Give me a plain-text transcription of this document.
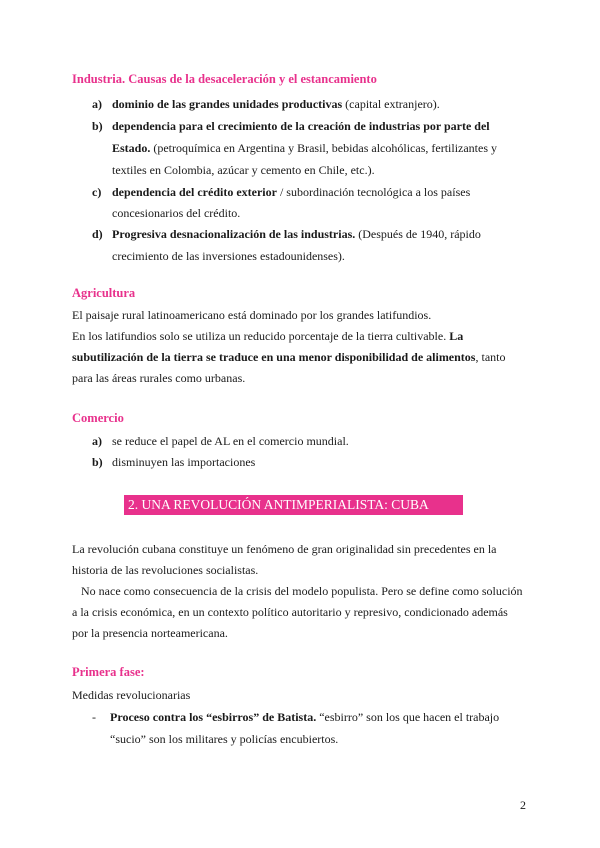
Industria. Causas de la desaceleración y el estancamiento
a) dominio de las grandes unidades productivas (capital extranjero).
b) dependencia para el crecimiento de la creación de industrias por parte del
Estado. (petroquímica en Argentina y Brasil, bebidas alcohólicas, fertilizantes y
textiles en Colombia, azúcar y cemento en Chile, etc.).
c) dependencia del crédito exterior / subordinación tecnológica a los países
concesionarios del crédito.
d) Progresiva desnacionalización de las industrias. (Después de 1940, rápido
crecimiento de las inversiones estadounidenses).
Agricultura
El paisaje rural latinoamericano está dominado por los grandes latifundios.
En los latifundios solo se utiliza un reducido porcentaje de la tierra cultivable. La
subutilización de la tierra se traduce en una menor disponibilidad de alimentos, tanto
para las áreas rurales como urbanas.
Comercio
a) se reduce el papel de AL en el comercio mundial.
b) disminuyen las importaciones
2. UNA REVOLUCIÓN ANTIMPERIALISTA: CUBA
La revolución cubana constituye un fenómeno de gran originalidad sin precedentes en la
historia de las revoluciones socialistas.
No nace como consecuencia de la crisis del modelo populista. Pero se define como solución
a la crisis económica, en un contexto político autoritario y represivo, condicionado además
por la presencia norteamericana.
Primera fase:
Medidas revolucionarias
- Proceso contra los “esbirros” de Batista. “esbirro” son los que hacen el trabajo
“sucio” son los militares y policías encubiertos.
2
